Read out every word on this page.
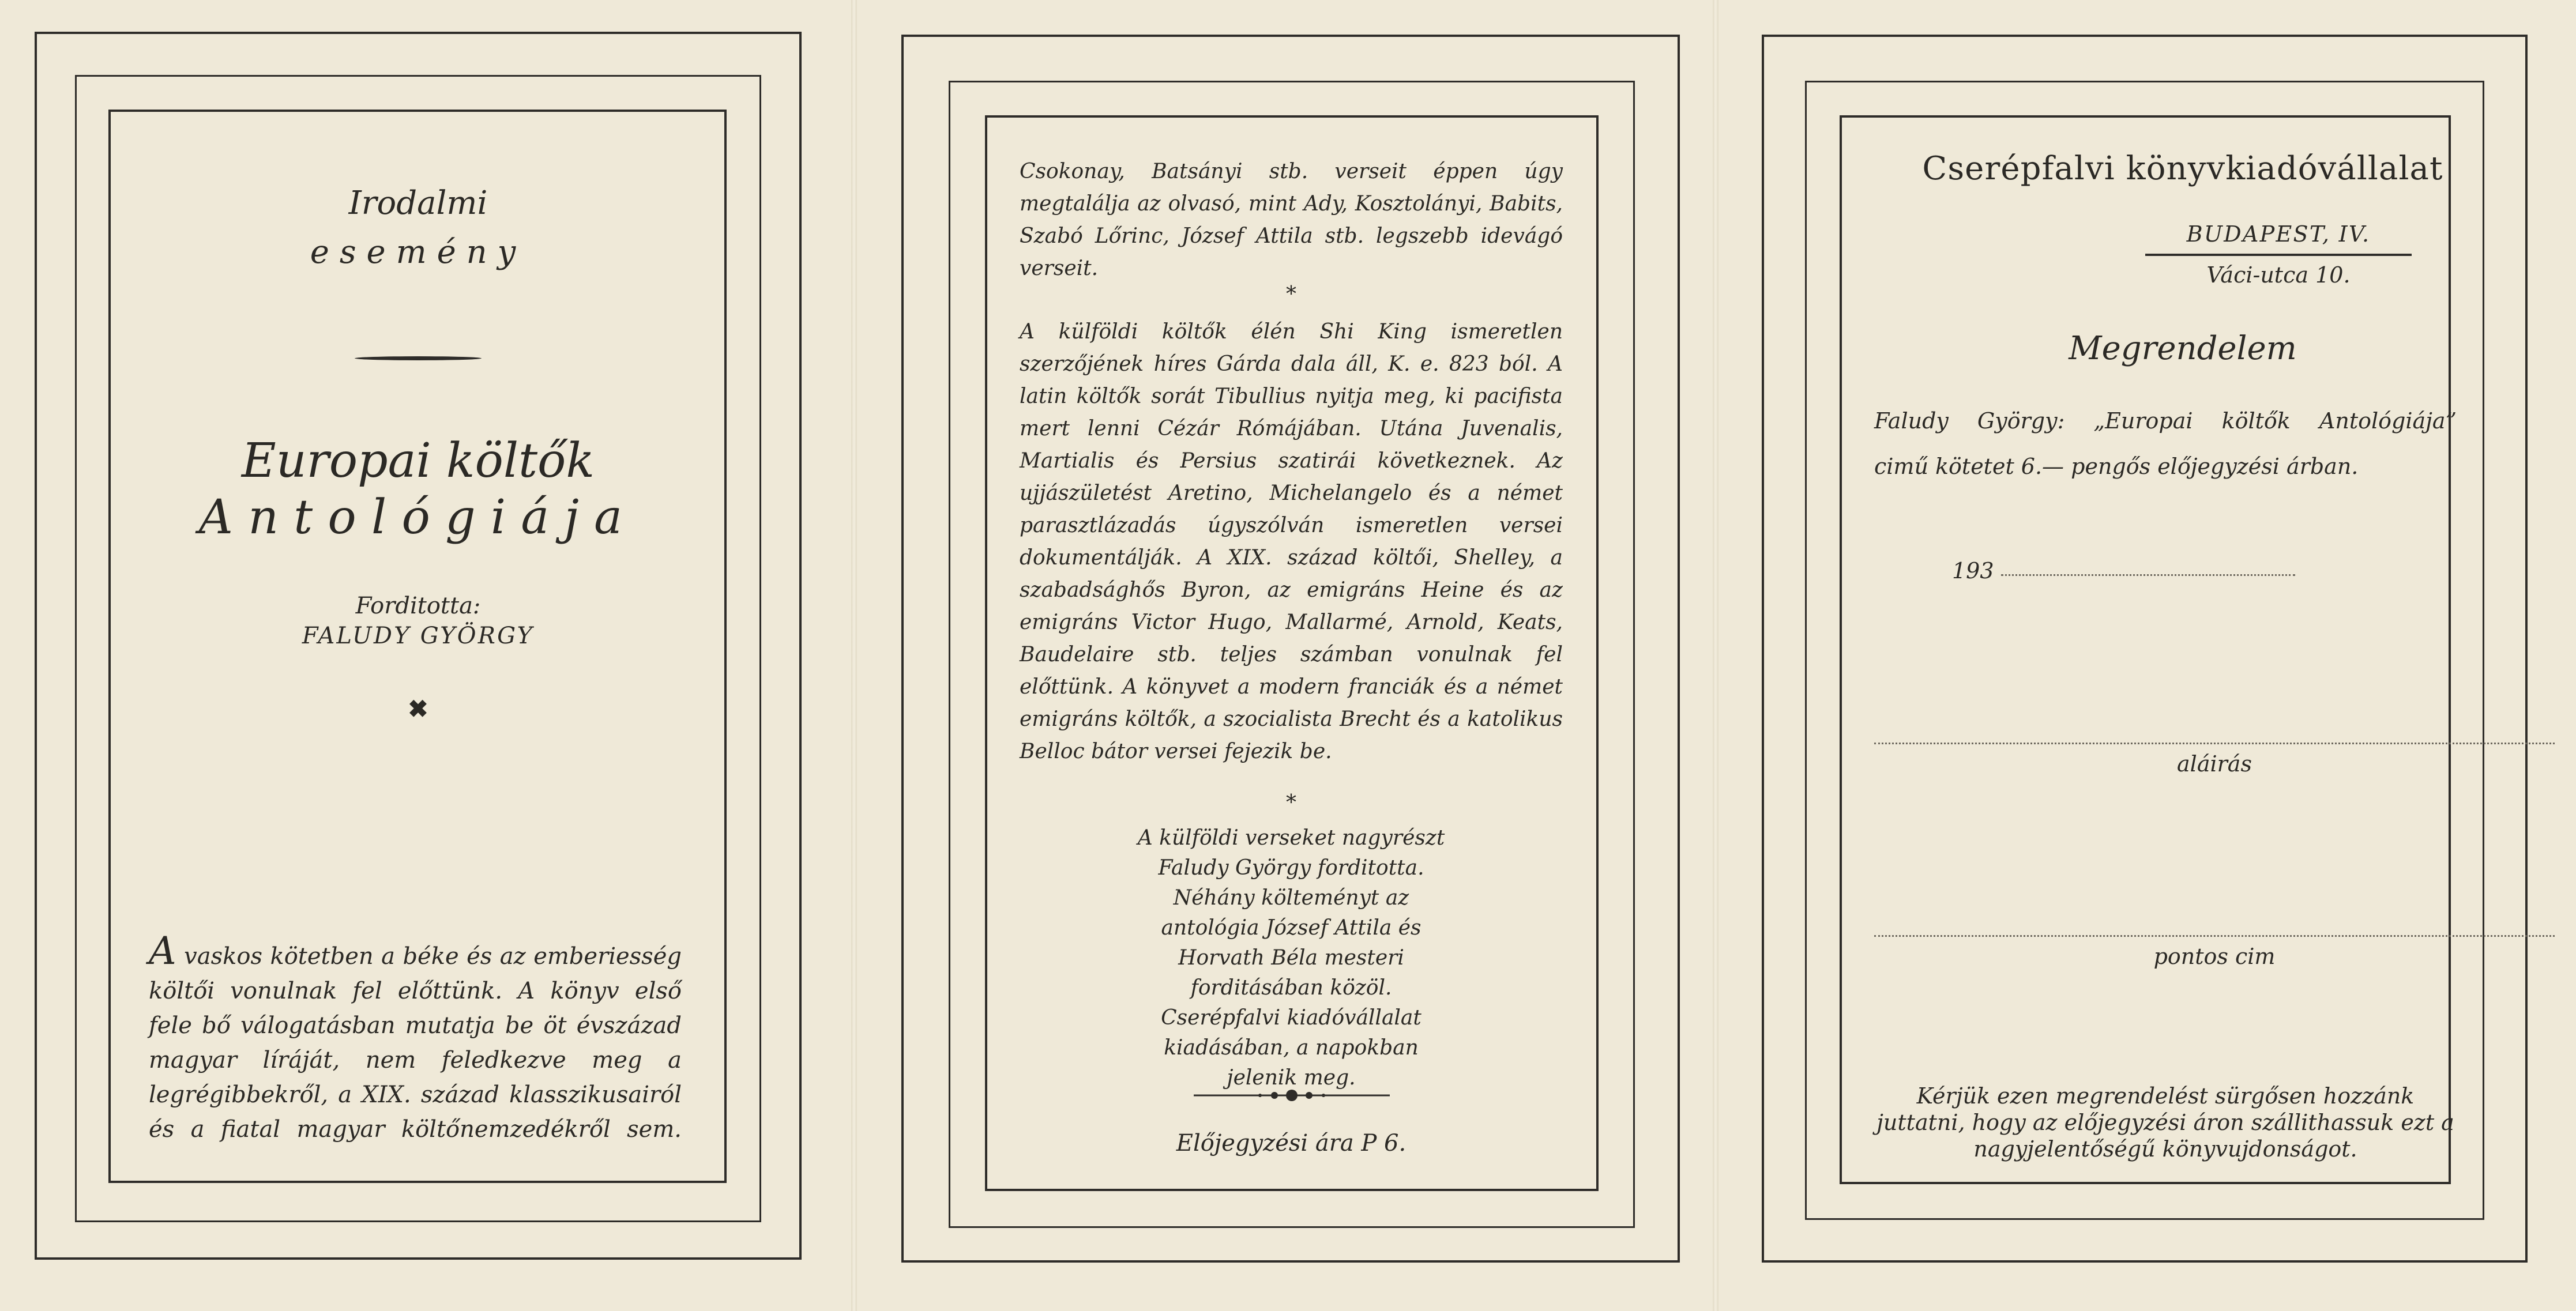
Irodalmi
esemény
Europai költők
Antológiája
Forditotta:
FALUDY GYÖRGY
✖
A vaskos kötetben a béke és az emberiesség költői vonulnak fel előttünk. A könyv első fele bő válogatásban mutatja be öt évszázad magyar líráját, nem feledkezve meg a legrégibbekről, a XIX. század klasszikusairól és a fiatal magyar költőnemzedékről sem.
Csokonay, Batsányi stb. verseit éppen úgy megtalálja az olvasó, mint Ady, Kosztolányi, Babits, Szabó Lőrinc, József Attila stb. legszebb idevágó verseit.
*
A külföldi költők élén Shi King ismeretlen szerzőjének híres Gárda dala áll, K. e. 823 ból. A latin költők sorát Tibullius nyitja meg, ki pacifista mert lenni Cézár Rómájában. Utána Juvenalis, Martialis és Persius szatirái következnek. Az ujjászületést Aretino, Michelangelo és a német parasztlázadás úgyszólván ismeretlen versei dokumentálják. A XIX. század költői, Shelley, a szabadsághős Byron, az emigráns Heine és az emigráns Victor Hugo, Mallarmé, Arnold, Keats, Baudelaire stb. teljes számban vonulnak fel előttünk. A könyvet a modern franciák és a német emigráns költők, a szocialista Brecht és a katolikus Belloc bátor versei fejezik be.
*
A külföldi verseket nagyrészt Faludy György forditotta. Néhány költeményt az antológia József Attila és Horvath Béla mesteri forditásában közöl. Cserépfalvi kiadóvállalat kiadásában, a napokban jelenik meg.
Előjegyzési ára P 6.
Cserépfalvi könyvkiadóvállalat
BUDAPEST, IV.
Váci-utca 10.
Megrendelem
Faludy György: „Europai költők Antológiája”
cimű kötetet 6.— pengős előjegyzési árban.
193
aláirás
pontos cim
Kérjük ezen megrendelést sürgősen hozzánk juttatni, hogy az előjegyzési áron szállithassuk ezt a nagyjelentőségű könyvujdonságot.
